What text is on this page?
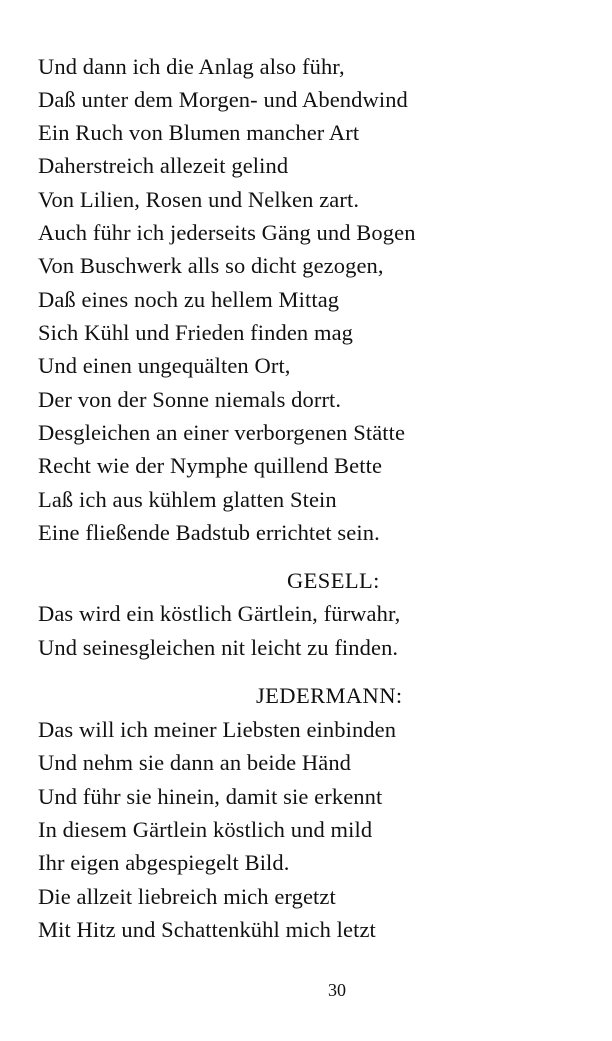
Und dann ich die Anlag also führ,
Daß unter dem Morgen- und Abendwind
Ein Ruch von Blumen mancher Art
Daherstreich allezeit gelind
Von Lilien, Rosen und Nelken zart.
Auch führ ich jederseits Gäng und Bogen
Von Buschwerk alls so dicht gezogen,
Daß eines noch zu hellem Mittag
Sich Kühl und Frieden finden mag
Und einen ungequälten Ort,
Der von der Sonne niemals dorrt.
Desgleichen an einer verborgenen Stätte
Recht wie der Nymphe quillend Bette
Laß ich aus kühlem glatten Stein
Eine fließende Badstub errichtet sein.
GESELL:
Das wird ein köstlich Gärtlein, fürwahr,
Und seinesgleichen nit leicht zu finden.
JEDERMANN:
Das will ich meiner Liebsten einbinden
Und nehm sie dann an beide Händ
Und führ sie hinein, damit sie erkennt
In diesem Gärtlein köstlich und mild
Ihr eigen abgespiegelt Bild.
Die allzeit liebreich mich ergetzt
Mit Hitz und Schattenkühl mich letzt
30
